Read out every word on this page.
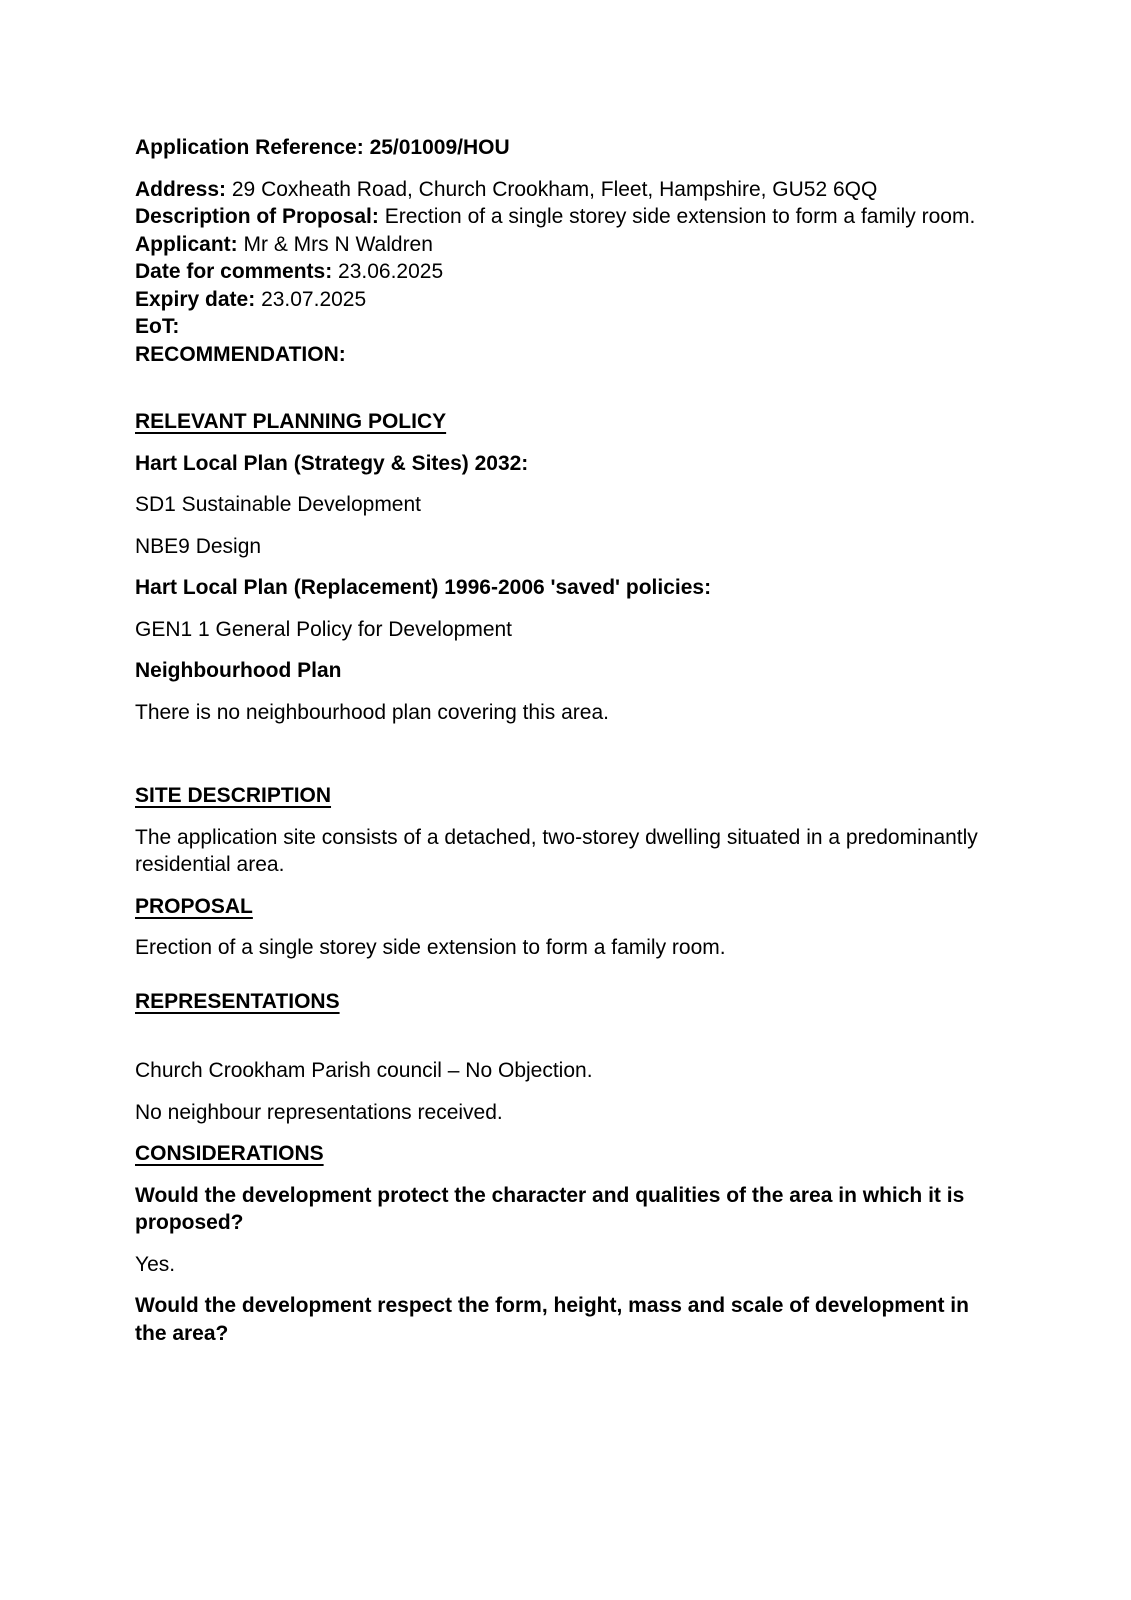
Application Reference: 25/01009/HOU

Address: 29 Coxheath Road, Church Crookham, Fleet, Hampshire, GU52 6QQ
Description of Proposal: Erection of a single storey side extension to form a family room.
Applicant: Mr & Mrs N Waldren
Date for comments: 23.06.2025
Expiry date: 23.07.2025
EoT:
RECOMMENDATION:

RELEVANT PLANNING POLICY

Hart Local Plan (Strategy & Sites) 2032:

SD1 Sustainable Development

NBE9 Design

Hart Local Plan (Replacement) 1996-2006 'saved' policies:

GEN1 1 General Policy for Development

Neighbourhood Plan

There is no neighbourhood plan covering this area.

SITE DESCRIPTION

The application site consists of a detached, two-storey dwelling situated in a predominantly residential area.

PROPOSAL

Erection of a single storey side extension to form a family room.

REPRESENTATIONS

Church Crookham Parish council – No Objection.

No neighbour representations received.

CONSIDERATIONS

Would the development protect the character and qualities of the area in which it is proposed?

Yes.

Would the development respect the form, height, mass and scale of development in the area?
